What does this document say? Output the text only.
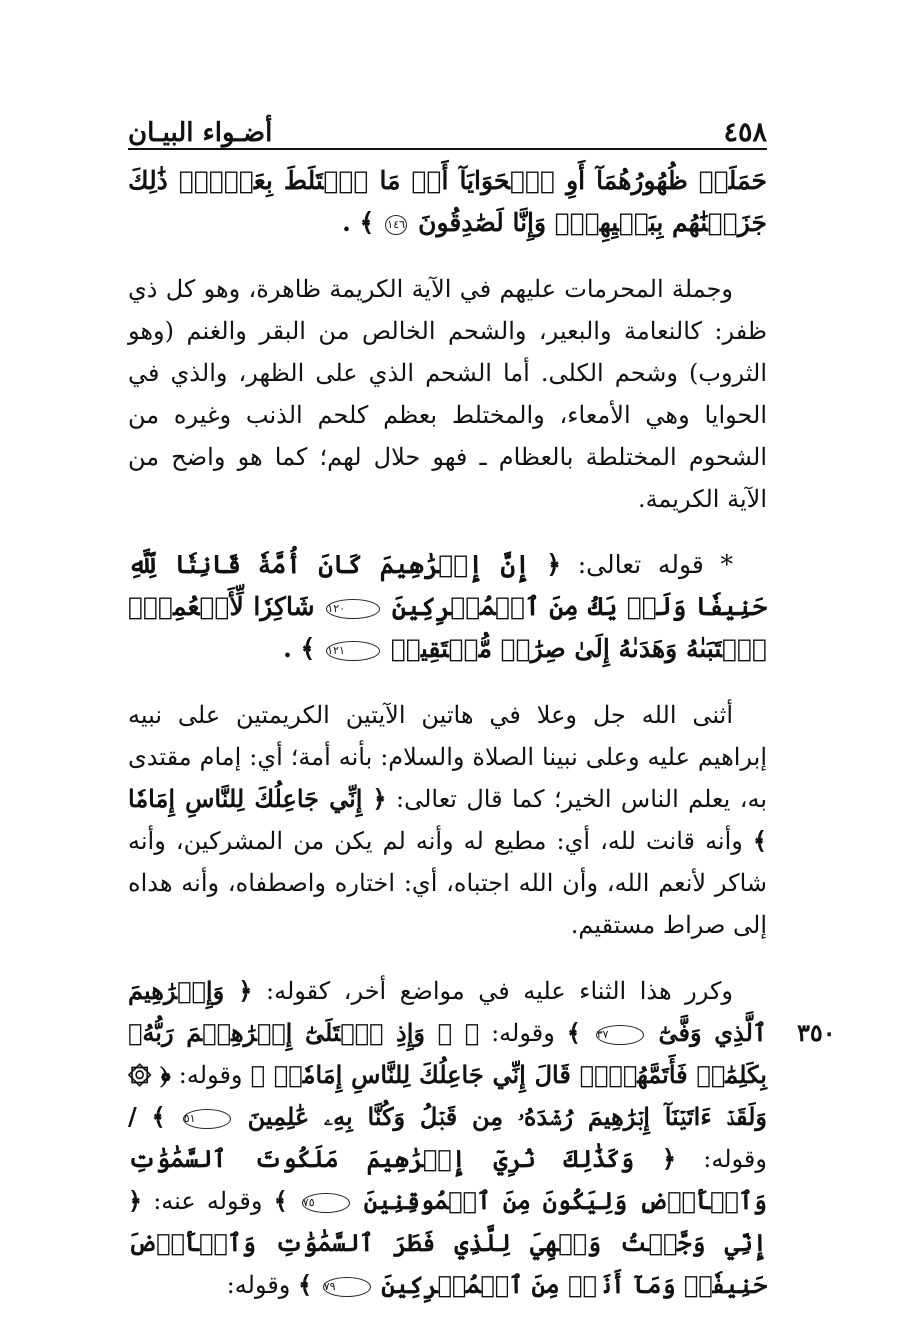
أضـواء البيـان	٤٥٨
حَمَلَتۡ ظُهُورُهُمَآ أَوِ ٱلۡحَوَايَآ أَوۡ مَا ٱخۡتَلَطَ بِعَظۡمٖۚ ذَٰلِكَ جَزَيۡنَٰهُم بِبَغۡيِهِمۡۖ وَإِنَّا لَصَٰدِقُونَ ١٤٦ ﴾ .
وجملة المحرمات عليهم في الآية الكريمة ظاهرة، وهو كل ذي ظفر: كالنعامة والبعير، والشحم الخالص من البقر والغنم (وهو الثروب) وشحم الكلى. أما الشحم الذي على الظهر، والذي في الحوايا وهي الأمعاء، والمختلط بعظم كلحم الذنب وغيره من الشحوم المختلطة بالعظام ـ فهو حلال لهم؛ كما هو واضح من الآية الكريمة.
* قوله تعالى: ﴿ إِنَّ إِبۡرَٰهِيمَ كَانَ أُمَّةٗ قَانِتٗا لِّلَّهِ حَنِيفٗا وَلَمۡ يَكُ مِنَ ٱلۡمُشۡرِكِينَ ١٢٠ شَاكِرٗا لِّأَنۡعُمِهِۚ ٱجۡتَبَىٰهُ وَهَدَىٰهُ إِلَىٰ صِرَٰطٖ مُّسۡتَقِيمٖ ١٢١ ﴾ .
أثنى الله جل وعلا في هاتين الآيتين الكريمتين على نبيه إبراهيم عليه وعلى نبينا الصلاة والسلام: بأنه أمة؛ أي: إمام مقتدى به، يعلم الناس الخير؛ كما قال تعالى: ﴿ إِنِّي جَاعِلُكَ لِلنَّاسِ إِمَامٗا ﴾ وأنه قانت لله، أي: مطيع له وأنه لم يكن من المشركين، وأنه شاكر لأنعم الله، وأن الله اجتباه، أي: اختاره واصطفاه، وأنه هداه إلى صراط مستقيم.
وكرر هذا الثناء عليه في مواضع أخر، كقوله: ﴿ وَإِبۡرَٰهِيمَ ٱلَّذِي وَفَّىٰٓ ٣٧ ﴾ وقوله: ﴿ ۞ وَإِذِ ٱبۡتَلَىٰٓ إِبۡرَٰهِـۧمَ رَبُّهُۥ بِكَلِمَٰتٖ فَأَتَمَّهُنَّۖ قَالَ إِنِّي جَاعِلُكَ لِلنَّاسِ إِمَامٗاۖ ﴾ وقوله: ﴿ ۞ وَلَقَدۡ ءَاتَيۡنَآ إِبۡرَٰهِيمَ رُشۡدَهُۥ مِن قَبۡلُ وَكُنَّا بِهِۦ عَٰلِمِينَ ٥١ ﴾ / وقوله: ﴿ وَكَذَٰلِكَ نُرِيٓ إِبۡرَٰهِيمَ مَلَكُوتَ ٱلسَّمَٰوَٰتِ وَٱلۡأَرۡضِ وَلِيَكُونَ مِنَ ٱلۡمُوقِنِينَ ٧٥ ﴾ وقوله عنه: ﴿ إِنِّي وَجَّهۡتُ وَجۡهِيَ لِلَّذِي فَطَرَ ٱلسَّمَٰوَٰتِ وَٱلۡأَرۡضَ حَنِيفٗاۖ وَمَآ أَنَا۠ مِنَ ٱلۡمُشۡرِكِينَ ٧٩ ﴾ وقوله:
٣٥٠
